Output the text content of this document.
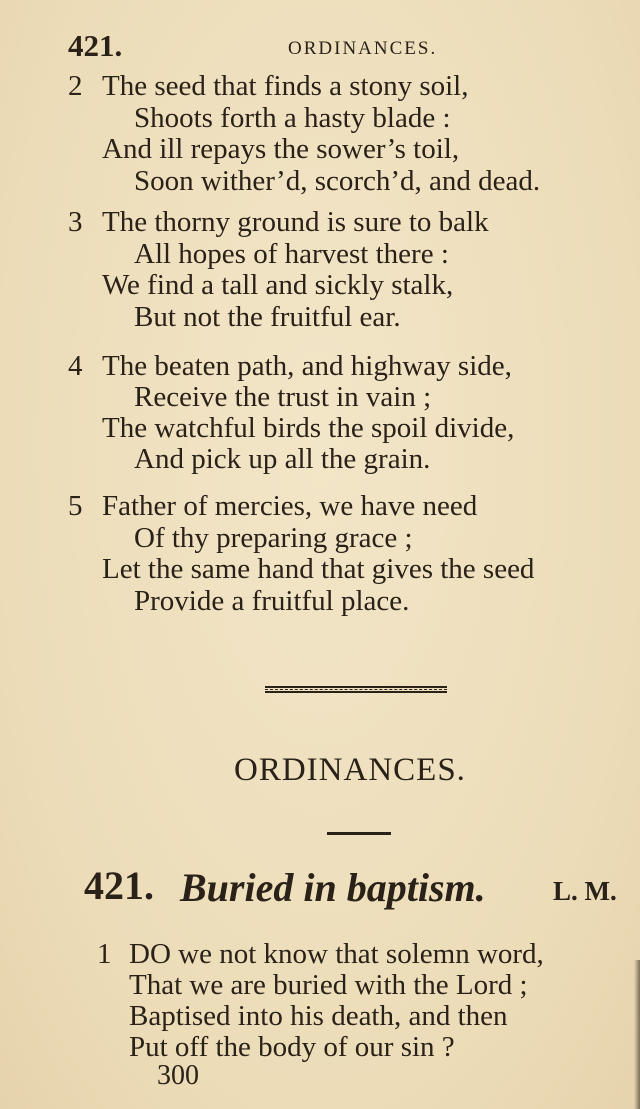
421.	ORDINANCES.
2 The seed that finds a stony soil,
Shoots forth a hasty blade :
And ill repays the sower’s toil,
Soon wither’d, scorch’d, and dead.
3 The thorny ground is sure to balk
All hopes of harvest there :
We find a tall and sickly stalk,
But not the fruitful ear.
4 The beaten path, and highway side,
Receive the trust in vain ;
The watchful birds the spoil divide,
And pick up all the grain.
5 Father of mercies, we have need
Of thy preparing grace ;
Let the same hand that gives the seed
Provide a fruitful place.
ORDINANCES.
421. Buried in baptism. L. M.
1 DO we not know that solemn word,
That we are buried with the Lord ;
Baptised into his death, and then
Put off the body of our sin ?
300
